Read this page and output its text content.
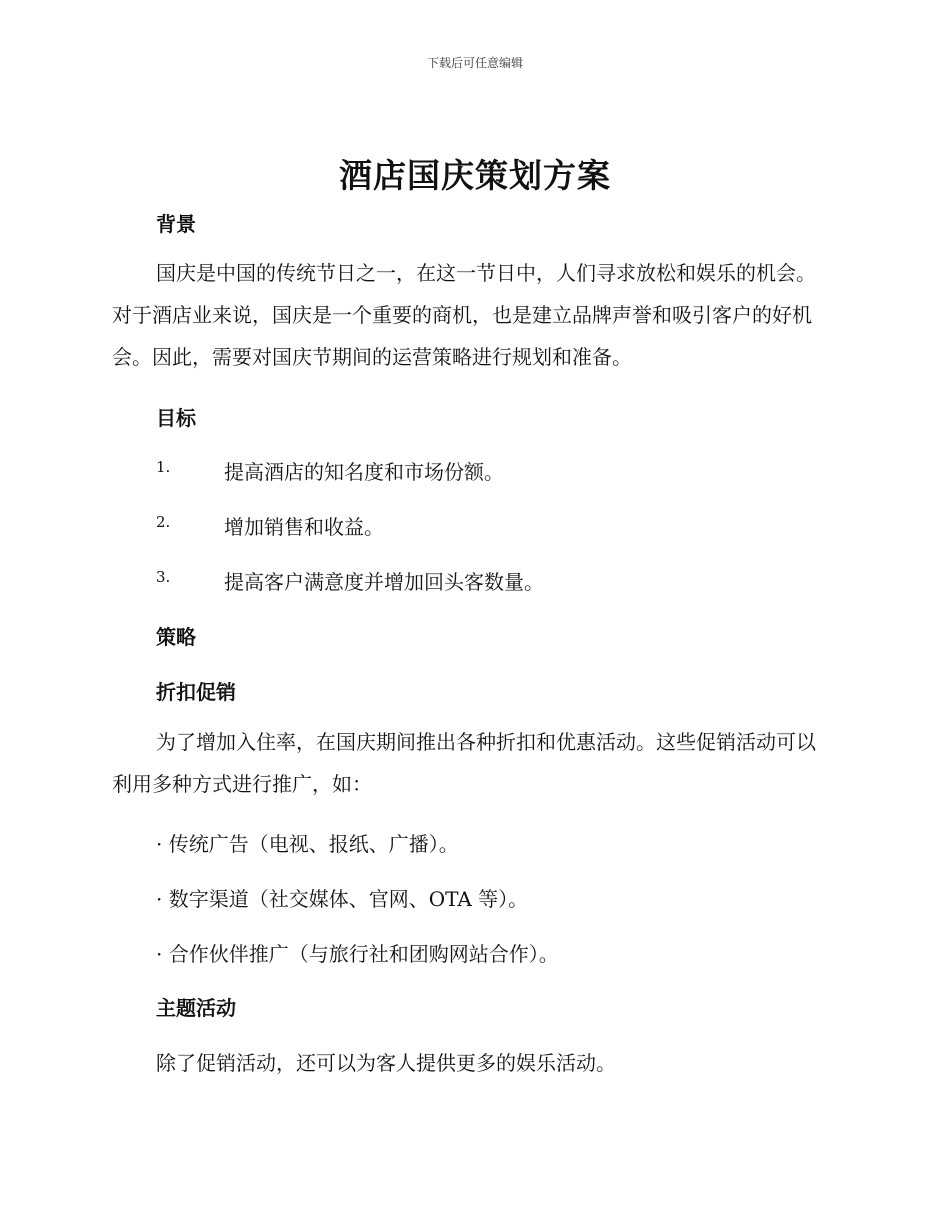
下载后可任意编辑
酒店国庆策划方案
背景

国庆是中国的传统节日之一，在这一节日中，人们寻求放松和娱乐的机会。对于酒店业来说，国庆是一个重要的商机，也是建立品牌声誉和吸引客户的好机会。因此，需要对国庆节期间的运营策略进行规划和准备。

目标
1.	提高酒店的知名度和市场份额。
2.	增加销售和收益。
3.	提高客户满意度并增加回头客数量。
策略
折扣促销

为了增加入住率，在国庆期间推出各种折扣和优惠活动。这些促销活动可以利用多种方式进行推广，如：

· 传统广告（电视、报纸、广播）。
· 数字渠道（社交媒体、官网、OTA 等）。
· 合作伙伴推广（与旅行社和团购网站合作）。
主题活动
除了促销活动，还可以为客人提供更多的娱乐活动。
